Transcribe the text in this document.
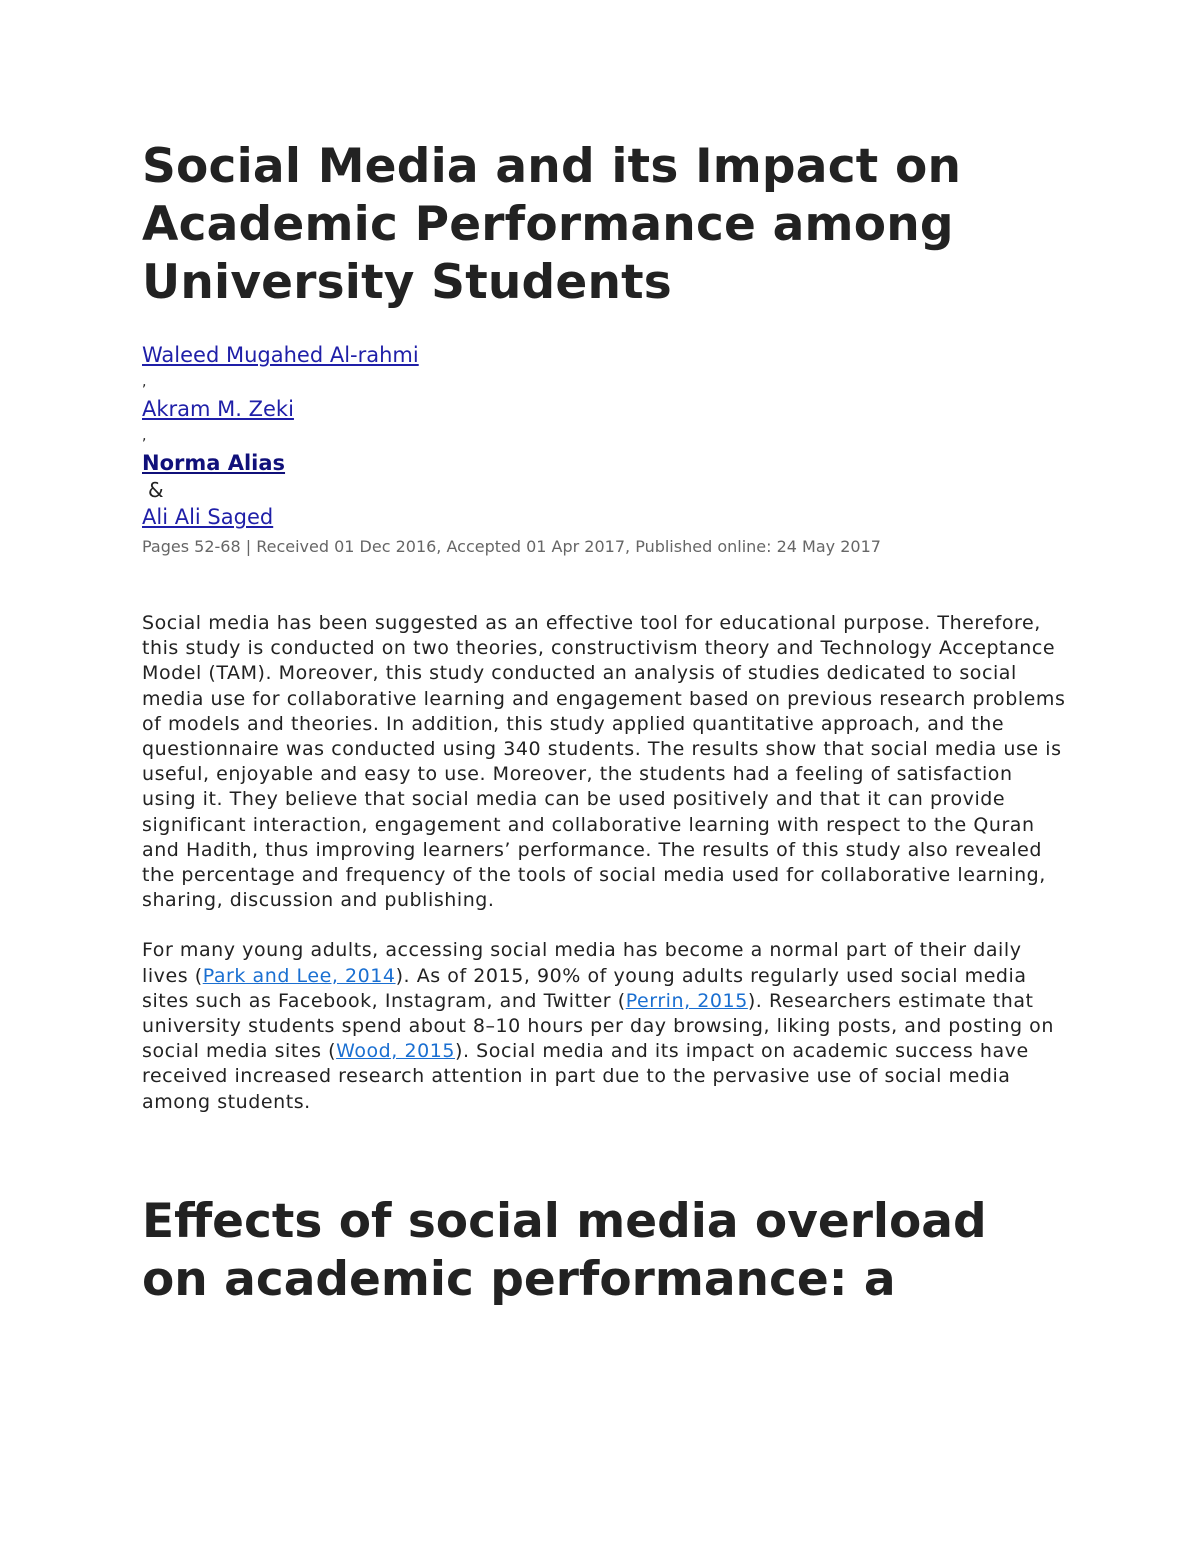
Social Media and its Impact on
Academic Performance among
University Students
Waleed Mugahed Al-rahmi
,
Akram M. Zeki
,
Norma Alias
&
Ali Ali Saged
Pages 52-68 | Received 01 Dec 2016, Accepted 01 Apr 2017, Published online: 24 May 2017

Social media has been suggested as an effective tool for educational purpose. Therefore, this study is conducted on two theories, constructivism theory and Technology Acceptance Model (TAM). Moreover, this study conducted an analysis of studies dedicated to social media use for collaborative learning and engagement based on previous research problems of models and theories. In addition, this study applied quantitative approach, and the questionnaire was conducted using 340 students. The results show that social media use is useful, enjoyable and easy to use. Moreover, the students had a feeling of satisfaction using it. They believe that social media can be used positively and that it can provide significant interaction, engagement and collaborative learning with respect to the Quran and Hadith, thus improving learners’ performance. The results of this study also revealed the percentage and frequency of the tools of social media used for collaborative learning, sharing, discussion and publishing.

For many young adults, accessing social media has become a normal part of their daily lives (Park and Lee, 2014). As of 2015, 90% of young adults regularly used social media sites such as Facebook, Instagram, and Twitter (Perrin, 2015). Researchers estimate that university students spend about 8–10 hours per day browsing, liking posts, and posting on social media sites (Wood, 2015). Social media and its impact on academic success have received increased research attention in part due to the pervasive use of social media among students.

Effects of social media overload
on academic performance: a
